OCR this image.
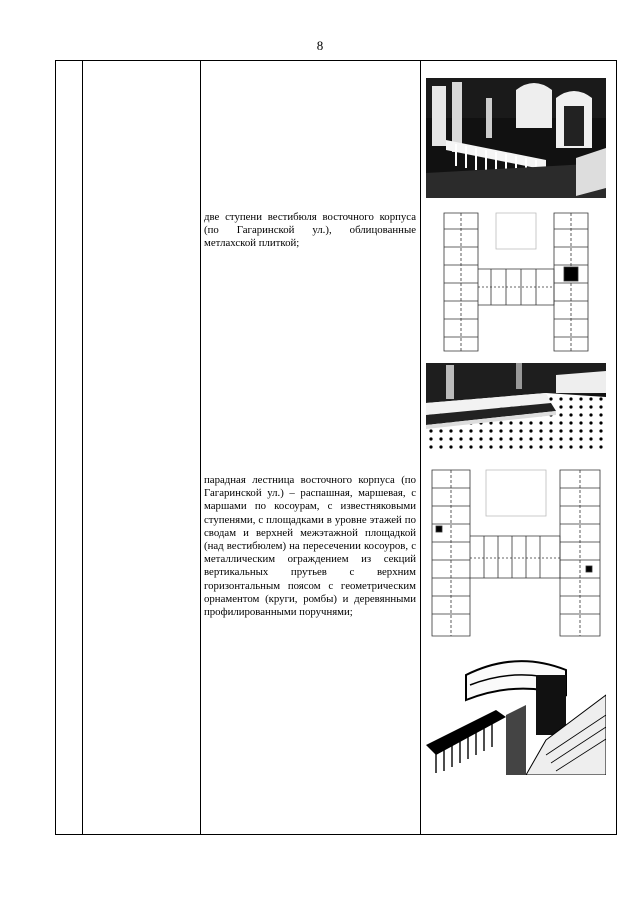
8
две ступени вестибюля восточного корпуса (по Гагаринской ул.), облицованные метлахской плиткой;
парадная лестница восточного корпуса (по Гагаринской ул.) – распашная, маршевая, с маршами по косоурам, с известняковыми ступенями, с площадками в уровне этажей по сводам и верхней межэтажной площадкой (над вестибюлем) на пересечении косоуров, с металлическим ограждением из секций вертикальных прутьев с верхним горизонтальным поясом с геометрическим орнаментом (круги, ромбы) и деревянными профилированными поручнями;
